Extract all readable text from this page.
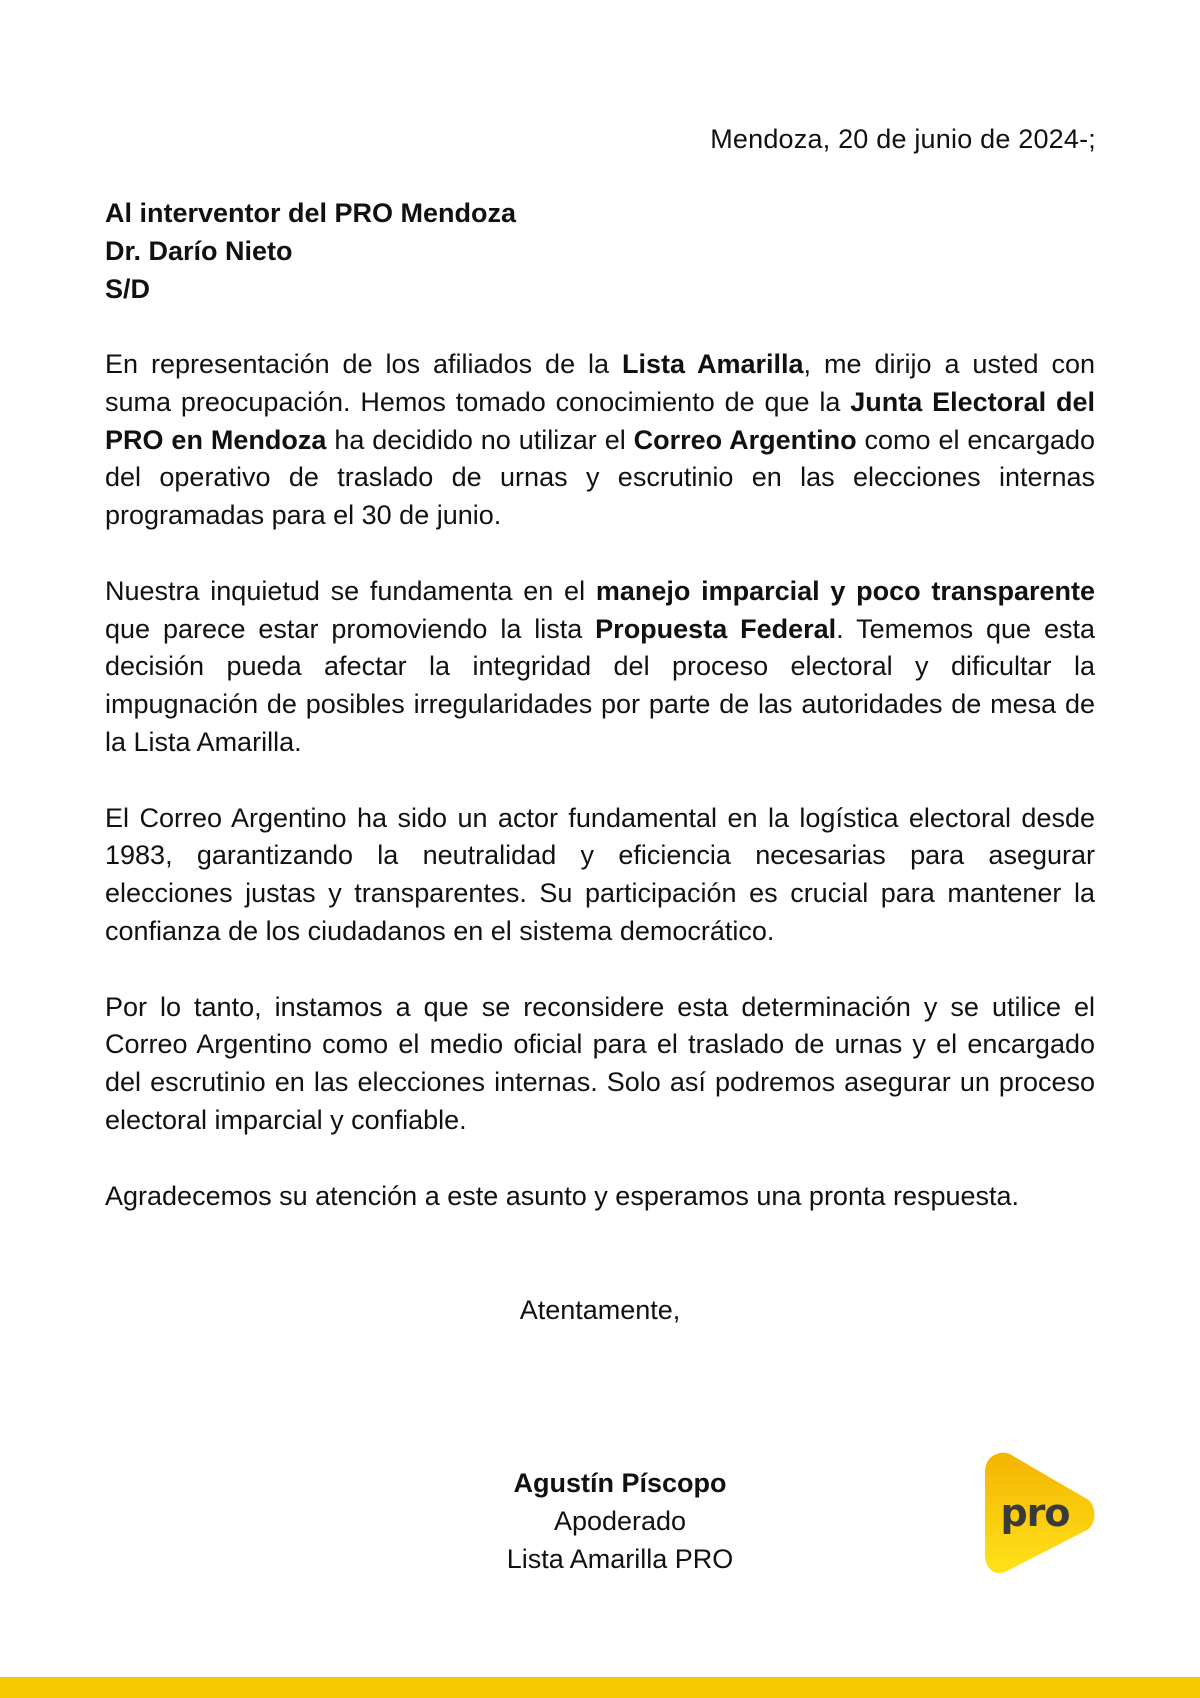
Mendoza, 20 de junio de 2024-;
Al interventor del PRO Mendoza
Dr. Darío Nieto
S/D

En representación de los afiliados de la Lista Amarilla, me dirijo a usted con suma preocupación. Hemos tomado conocimiento de que la Junta Electoral del PRO en Mendoza ha decidido no utilizar el Correo Argentino como el encargado del operativo de traslado de urnas y escrutinio en las elecciones internas programadas para el 30 de junio.

Nuestra inquietud se fundamenta en el manejo imparcial y poco transparente que parece estar promoviendo la lista Propuesta Federal. Tememos que esta decisión pueda afectar la integridad del proceso electoral y dificultar la impugnación de posibles irregularidades por parte de las autoridades de mesa de la Lista Amarilla.

El Correo Argentino ha sido un actor fundamental en la logística electoral desde 1983, garantizando la neutralidad y eficiencia necesarias para asegurar elecciones justas y transparentes. Su participación es crucial para mantener la confianza de los ciudadanos en el sistema democrático.

Por lo tanto, instamos a que se reconsidere esta determinación y se utilice el Correo Argentino como el medio oficial para el traslado de urnas y el encargado del escrutinio en las elecciones internas. Solo así podremos asegurar un proceso electoral imparcial y confiable.

Agradecemos su atención a este asunto y esperamos una pronta respuesta.

Atentamente,
Agustín Píscopo
Apoderado
Lista Amarilla PRO
pro
